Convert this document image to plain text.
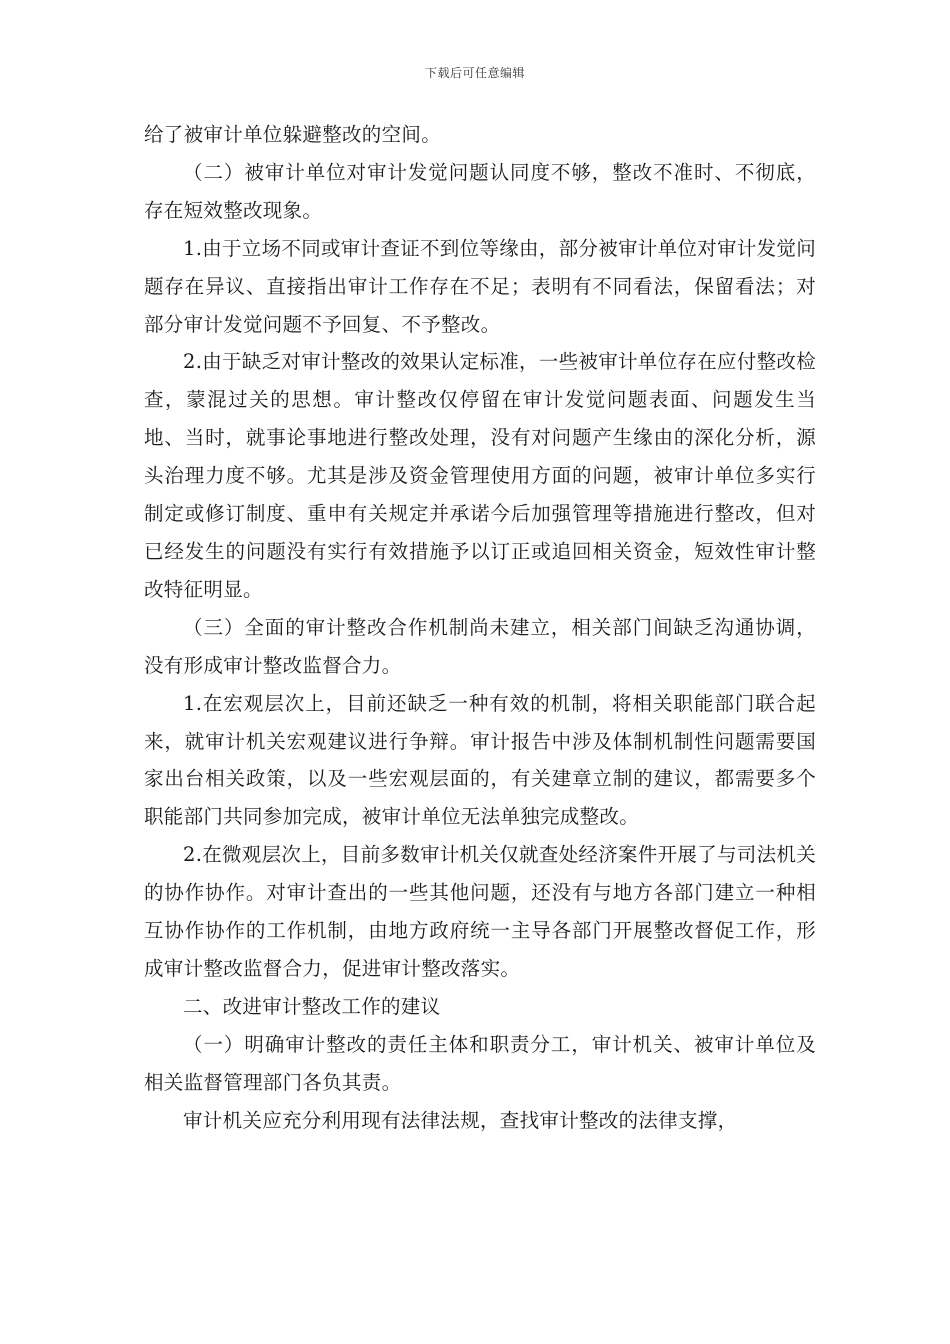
下载后可任意编辑

给了被审计单位躲避整改的空间。

（二）被审计单位对审计发觉问题认同度不够，整改不准时、不彻底，存在短效整改现象。

1.由于立场不同或审计查证不到位等缘由，部分被审计单位对审计发觉问题存在异议、直接指出审计工作存在不足；表明有不同看法，保留看法；对部分审计发觉问题不予回复、不予整改。

2.由于缺乏对审计整改的效果认定标准，一些被审计单位存在应付整改检查，蒙混过关的思想。审计整改仅停留在审计发觉问题表面、问题发生当地、当时，就事论事地进行整改处理，没有对问题产生缘由的深化分析，源头治理力度不够。尤其是涉及资金管理使用方面的问题，被审计单位多实行制定或修订制度、重申有关规定并承诺今后加强管理等措施进行整改，但对已经发生的问题没有实行有效措施予以订正或追回相关资金，短效性审计整改特征明显。

（三）全面的审计整改合作机制尚未建立，相关部门间缺乏沟通协调，没有形成审计整改监督合力。

1.在宏观层次上，目前还缺乏一种有效的机制，将相关职能部门联合起来，就审计机关宏观建议进行争辩。审计报告中涉及体制机制性问题需要国家出台相关政策，以及一些宏观层面的，有关建章立制的建议，都需要多个职能部门共同参加完成，被审计单位无法单独完成整改。

2.在微观层次上，目前多数审计机关仅就查处经济案件开展了与司法机关的协作协作。对审计查出的一些其他问题，还没有与地方各部门建立一种相互协作协作的工作机制，由地方政府统一主导各部门开展整改督促工作，形成审计整改监督合力，促进审计整改落实。

二、改进审计整改工作的建议

（一）明确审计整改的责任主体和职责分工，审计机关、被审计单位及相关监督管理部门各负其责。

审计机关应充分利用现有法律法规，查找审计整改的法律支撑，
